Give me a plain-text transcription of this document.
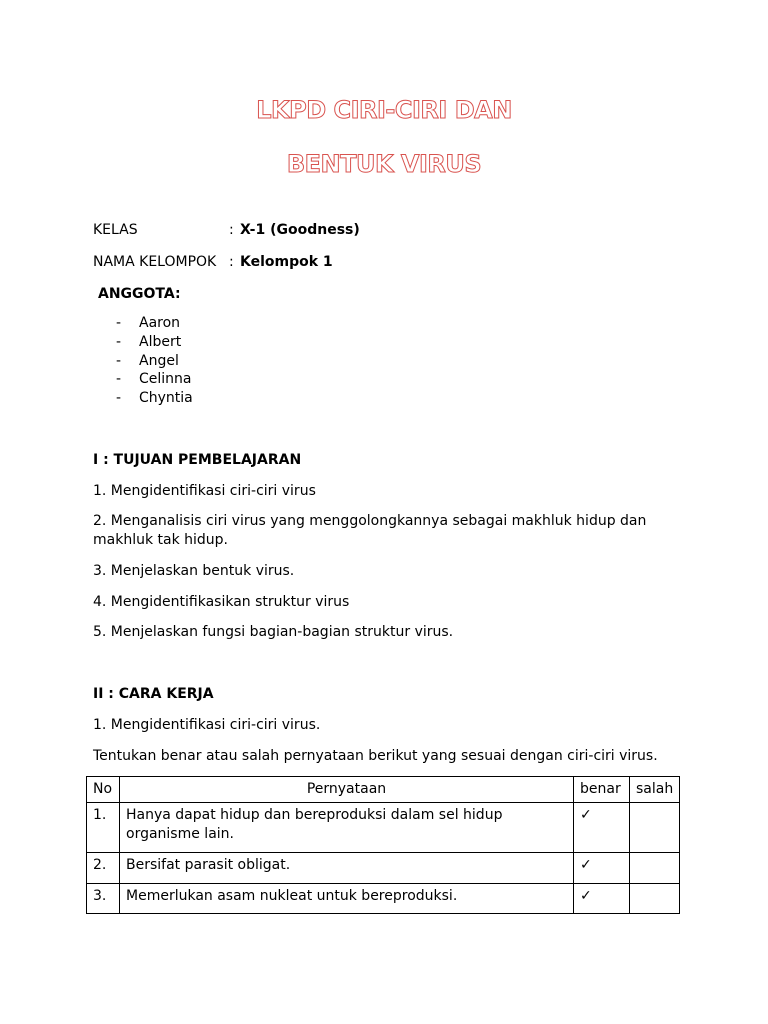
LKPD CIRI-CIRI DAN
BENTUK VIRUS
KELAS	: X-1 (Goodness)
NAMA KELOMPOK : Kelompok 1
ANGGOTA:
- Aaron
- Albert
- Angel
- Celinna
- Chyntia
I : TUJUAN PEMBELAJARAN
1. Mengidentifikasi ciri-ciri virus
2. Menganalisis ciri virus yang menggolongkannya sebagai makhluk hidup dan
makhluk tak hidup.
3. Menjelaskan bentuk virus.
4. Mengidentifikasikan struktur virus
5. Menjelaskan fungsi bagian-bagian struktur virus.
II : CARA KERJA
1. Mengidentifikasi ciri-ciri virus.
Tentukan benar atau salah pernyataan berikut yang sesuai dengan ciri-ciri virus.
No	Pernyataan	benar	salah
1.	Hanya dapat hidup dan bereproduksi dalam sel hidup
organisme lain.	✓	
2.	Bersifat parasit obligat.	✓	
3.	Memerlukan asam nukleat untuk bereproduksi.	✓	
